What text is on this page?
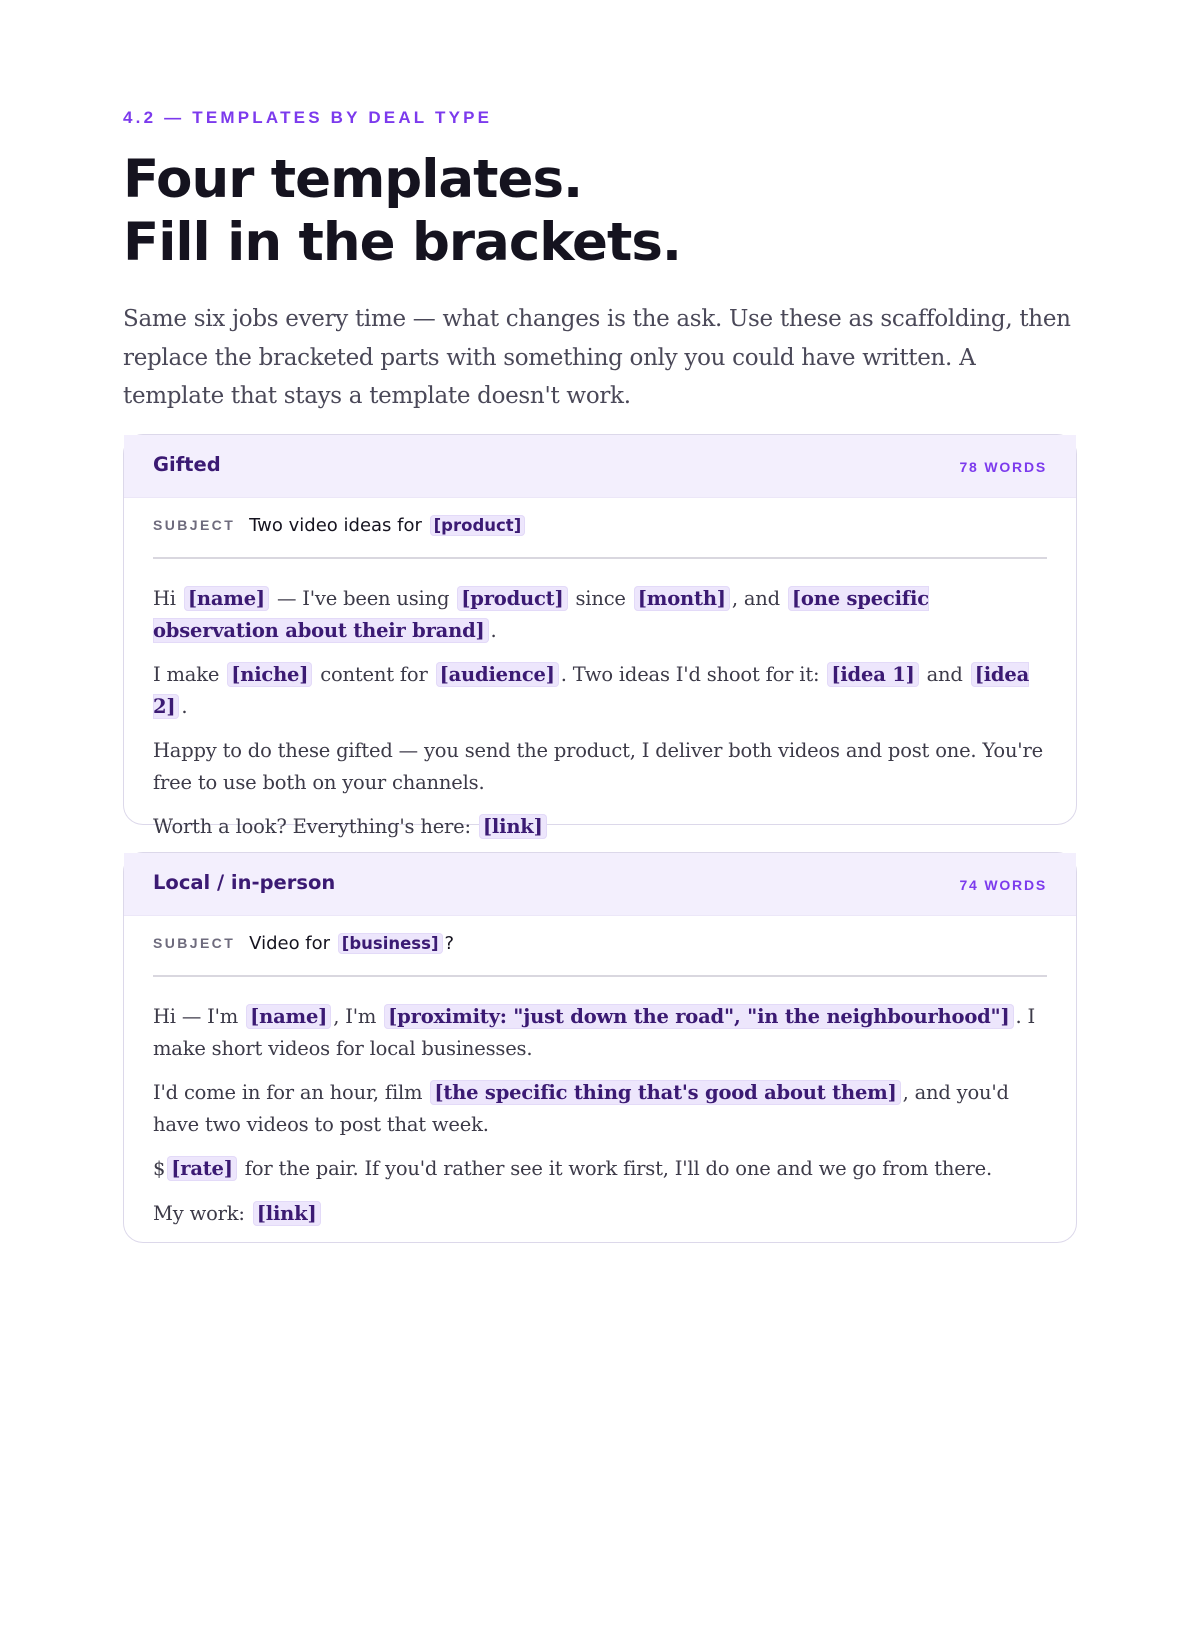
4.2 — TEMPLATES BY DEAL TYPE
Four templates.
Fill in the brackets.

Same six jobs every time — what changes is the ask. Use these as scaffolding, then replace the bracketed parts with something only you could have written. A template that stays a template doesn't work.

Gifted	78 WORDS
SUBJECT Two video ideas for [product]

Hi [name] — I've been using [product] since [month] , and [one specific observation about their brand] .

I make [niche] content for [audience] . Two ideas I'd shoot for it: [idea 1] and [idea 2] .

Happy to do these gifted — you send the product, I deliver both videos and post one. You're free to use both on your channels.

Worth a look? Everything's here: [link]

Local / in-person	74 WORDS
SUBJECT Video for [business] ?

Hi — I'm [name] , I'm [proximity: "just down the road", "in the neighbourhood"] . I make short videos for local businesses.

I'd come in for an hour, film [the specific thing that's good about them] , and you'd have two videos to post that week.

$ [rate] for the pair. If you'd rather see it work first, I'll do one and we go from there.

My work: [link]
